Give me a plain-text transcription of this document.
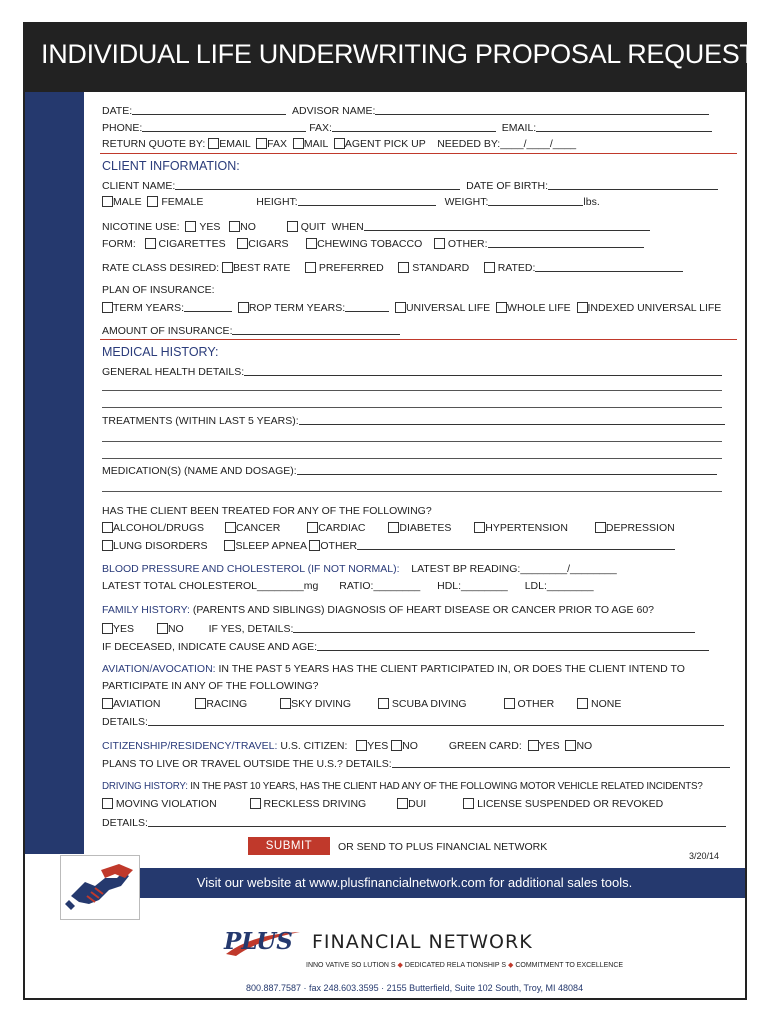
INDIVIDUAL LIFE UNDERWRITING PROPOSAL REQUEST
DATE:	ADVISOR NAME:
PHONE:	FAX:	EMAIL:
RETURN QUOTE BY: EMAIL FAX MAIL AGENT PICK UP NEEDED BY:____/____/____
CLIENT INFORMATION:
CLIENT NAME:	DATE OF BIRTH:
MALE FEMALE	HEIGHT:	WEIGHT:	lbs.
NICOTINE USE: YES NO	QUIT WHEN
FORM: CIGARETTES CIGARS	CHEWING TOBACCO OTHER:
RATE CLASS DESIRED: BEST RATE	PREFERRED	STANDARD	RATED:
PLAN OF INSURANCE:
TERM YEARS:	ROP TERM YEARS:	UNIVERSAL LIFE WHOLE LIFE INDEXED UNIVERSAL LIFE
AMOUNT OF INSURANCE:
MEDICAL HISTORY:
GENERAL HEALTH DETAILS:
TREATMENTS (WITHIN LAST 5 YEARS):
MEDICATION(S) (NAME AND DOSAGE):
HAS THE CLIENT BEEN TREATED FOR ANY OF THE FOLLOWING?
ALCOHOL/DRUGS	CANCER	CARDIAC	DIABETES	HYPERTENSION	DEPRESSION
LUNG DISORDERS	SLEEP APNEA OTHER
BLOOD PRESSURE AND CHOLESTEROL (IF NOT NORMAL): LATEST BP READING:________/________
LATEST TOTAL CHOLESTEROL________mg RATIO:________ HDL:________ LDL:________
FAMILY HISTORY: (PARENTS AND SIBLINGS) DIAGNOSIS OF HEART DISEASE OR CANCER PRIOR TO AGE 60?
YES	NO IF YES, DETAILS:
IF DECEASED, INDICATE CAUSE AND AGE:
AVIATION/AVOCATION: IN THE PAST 5 YEARS HAS THE CLIENT PARTICIPATED IN, OR DOES THE CLIENT INTEND TO
PARTICIPATE IN ANY OF THE FOLLOWING?
AVIATION	RACING	SKY DIVING	SCUBA DIVING	OTHER	NONE
DETAILS:
CITIZENSHIP/RESIDENCY/TRAVEL: U.S. CITIZEN: YES NO	GREEN CARD: YES NO
PLANS TO LIVE OR TRAVEL OUTSIDE THE U.S.? DETAILS:
DRIVING HISTORY: IN THE PAST 10 YEARS, HAS THE CLIENT HAD ANY OF THE FOLLOWING MOTOR VEHICLE RELATED INCIDENTS?
MOVING VIOLATION	RECKLESS DRIVING	DUI	LICENSE SUSPENDED OR REVOKED
DETAILS:
SUBMIT	OR SEND TO PLUS FINANCIAL NETWORK
3/20/14
Visit our website at www.plusfinancialnetwork.com for additional sales tools.
PLUS FINANCIAL NETWORK
INNO VATIVE SO LUTION S ◆ DEDICATED RELA TIONSHIP S ◆ COMMITMENT TO EXCELLENCE
800.887.7587 · fax 248.603.3595 · 2155 Butterfield, Suite 102 South, Troy, MI 48084
